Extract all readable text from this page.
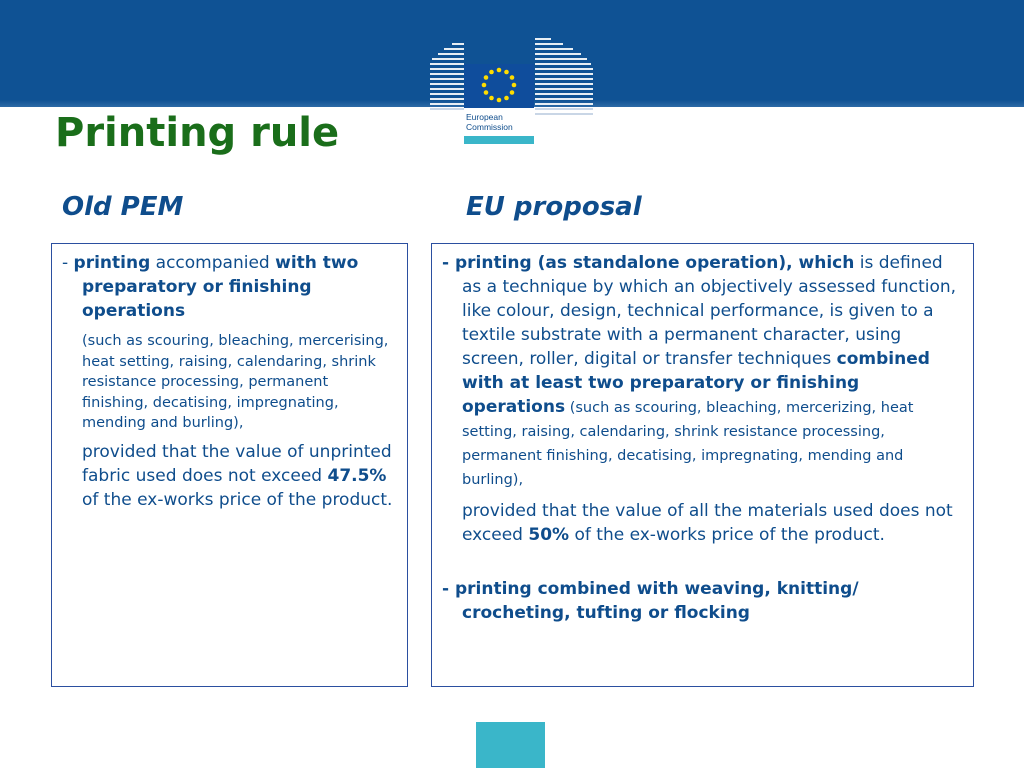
European
Commission
Printing rule
Old PEM	EU proposal

- printing accompanied with two preparatory or finishing operations

(such as scouring, bleaching, mercerising, heat setting, raising, calendaring, shrink resistance processing, permanent finishing, decatising, impregnating, mending and burling),

provided that the value of unprinted fabric used does not exceed 47.5% of the ex-works price of the product.

- printing (as standalone operation), which is defined as a technique by which an objectively assessed function, like colour, design, technical performance, is given to a textile substrate with a permanent character, using screen, roller, digital or transfer techniques combined with at least two preparatory or finishing operations (such as scouring, bleaching, mercerizing, heat setting, raising, calendaring, shrink resistance processing, permanent finishing, decatising, impregnating, mending and burling),

provided that the value of all the materials used does not exceed 50% of the ex-works price of the product.

- printing combined with weaving, knitting/ crocheting, tufting or flocking
